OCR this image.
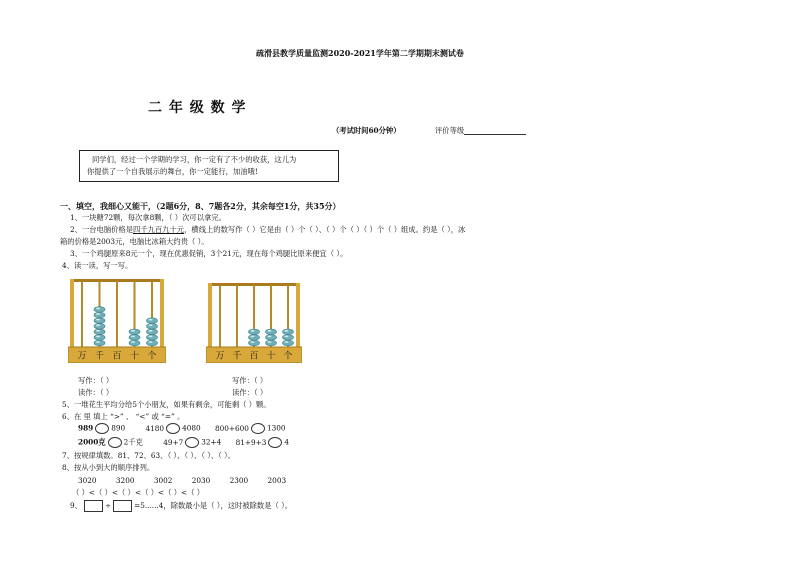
疏滑县教学质量监测2020-2021学年第二学期期末测试卷
二 年 级 数 学
（考试时间60分钟）	评价等级
同学们，经过一个学期的学习，你一定有了不少的收获，这儿为
你提供了一个自我展示的舞台，你一定能行，加油哦!
一、填空，我细心又能干，（2题6分，8、7题各2分，其余每空1分，共35分）
1、一块糖72颗，每次拿8颗，（ ）次可以拿完。
2、一台电脑价格是四千九百九十元，横线上的数写作（ ）它是由（ ）个（ ）、（ ）个（ ）（ ）个（ ）组成。约是（ ），冰
箱的价格是2003元，电脑比冰箱大约贵（ ）。
3、一个鸡腿原来8元一个，现在优惠促销，3个21元，现在每个鸡腿比原来便宜（ ）。
4、读一读，写一写。
万 千 百 十 个	万 千 百 十 个
写作：（ ）
读作：（ ）
写作：（ ）
读作：（ ）
5、一堆花生平均分给5个小朋友，如果有剩余，可能剩（ ）颗。
6、在 里 填上 “>” 、 “<” 或 “=” 。
989 890	4180 4080 800+600 1300
2000克 2千克	49+7 32+4 81+9+3 4
7、按规律填数。81、72、63、（ ）、（ ）、（ ）、（ ）。
8、按从小到大的顺序排列。
3020	3200	3002	2030	2300	2003
（ ）<（ ）<（ ）<（ ）<（ ）<（ ）
9、	÷	=5......4，除数最小是（ ），这时被除数是（ ）。
